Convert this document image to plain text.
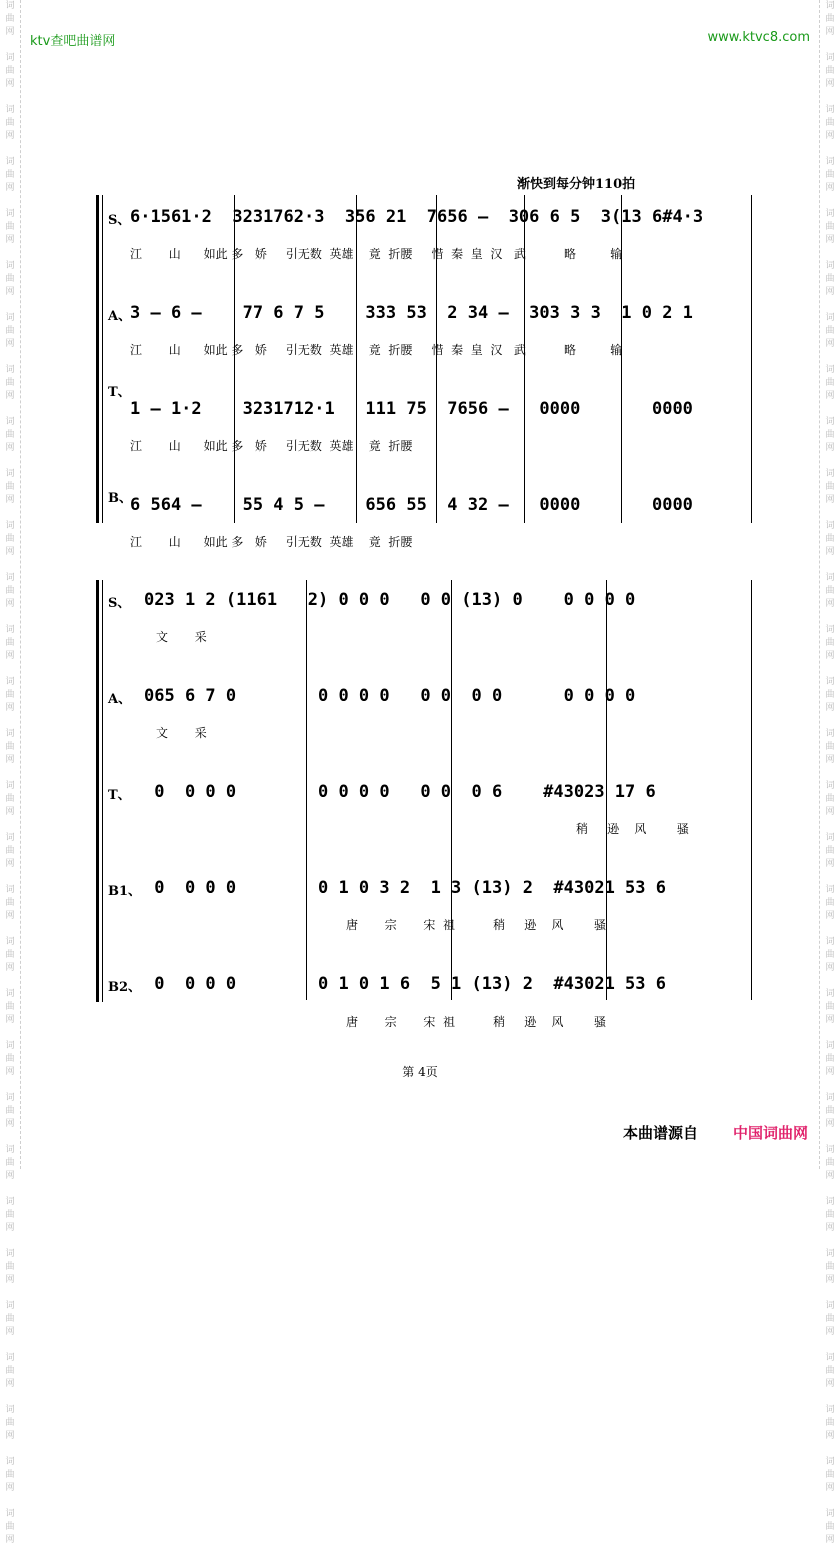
词
曲
网

词
曲
网

词
曲
网

词
曲
网

词
曲
网

词
曲
网

词
曲
网

词
曲
网

词
曲
网

词
曲
网

词
曲
网

词
曲
网

词
曲
网

词
曲
网

词
曲
网

词
曲
网

词
曲
网

词
曲
网

词
曲
网

词
曲
网

词
曲
网

词
曲
网

词
曲
网

词
曲
网

词
曲
网

词
曲
网

词
曲
网

词
曲
网

词
曲
网

词
曲
网

词
曲
网

词
曲
网

词
曲
网

词
曲
网

词
曲
网

词
曲
网

词
曲
网

词
曲
网

词
曲
网

词
曲
网

词
曲
网

词
曲
网

词
曲
网

词
曲
网

词
曲
网

词
曲
网

词
曲
网

词
曲
网

词
曲
网

词
曲
网

词
曲
网

词
曲
网

词
曲
网

词
曲
网

词
曲
网

词
曲
网

词
曲
网

词
曲
网

词
曲
网

词
曲
网

ktv查吧曲谱网	www.ktvc8.com
渐快到每分钟110拍
S、 6·1561·2  3231762·3  356 21  7656 –  306 6 5  3(13 6#4·3
江       山      如此 多   娇     引无数  英雄    竟  折腰     惜  秦  皇  汉   武          略         输
A、
3 – 6 –    77 6 7 5    333 53  2 34 –  303 3 3  1 0 2 1
江       山      如此 多   娇     引无数  英雄    竟  折腰     惜  秦  皇  汉   武          略         输
T、
1 – 1·2    3231712·1   111 75  7656 –   0000       0000
江       山      如此 多   娇     引无数  英雄    竟  折腰
B、
6 564 –    55 4 5 –    656 55  4 32 –   0000       0000
江       山      如此 多   娇     引无数  英雄    竟  折腰
S、 023 1 2 (1161   2) 0 0 0   0 0 (13) 0    0 0 0 0
文       采
A、 065 6 7 0        0 0 0 0   0 0  0 0      0 0 0 0
文       采
T、 0  0 0 0        0 0 0 0   0 0  0 6    #43023 17 6
稍     逊    风        骚
B1、 0  0 0 0        0 1 0 3 2  1 3 (13) 2  #43021 53 6
唐       宗       宋  祖          稍     逊    风        骚
B2、 0  0 0 0        0 1 0 1 6  5 1 (13) 2  #43021 53 6
唐       宗       宋  祖          稍     逊    风        骚
第 4页
本曲谱源自 中国词曲网
